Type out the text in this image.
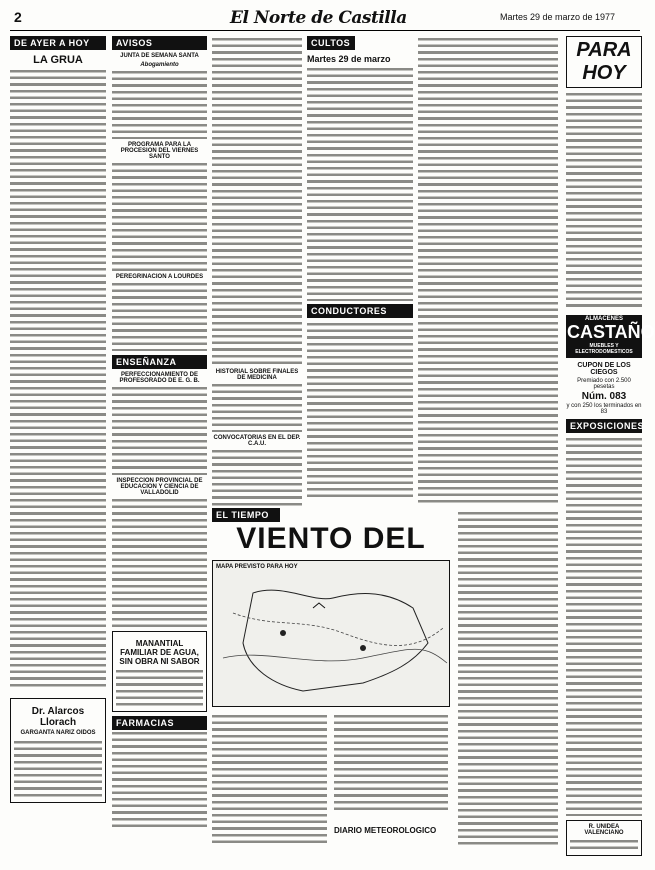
2	El Norte de Castilla	Martes 29 de marzo de 1977
DE AYER A HOY
LA GRUA
Dr. Alarcos Llorach
GARGANTA NARIZ OIDOS
AVISOS
JUNTA DE SEMANA SANTA
Abogamiento
PROGRAMA PARA LA PROCESION DEL VIERNES SANTO
PEREGRINACION A LOURDES
ENSEÑANZA
PERFECCIONAMIENTO DE PROFESORADO DE E. G. B.
INSPECCION PROVINCIAL DE EDUCACION Y CIENCIA DE VALLADOLID
MANANTIAL FAMILIAR DE AGUA, SIN OBRA NI SABOR
FARMACIAS
HISTORIAL SOBRE FINALES DE MEDICINA
CONVOCATORIAS EN EL DEP. C.A.U.
CULTOS
Martes 29 de marzo
CONDUCTORES
EL TIEMPO
VIENTO DEL
MAPA PREVISTO PARA HOY
DIARIO METEOROLOGICO
PARA HOY
ALMACENES
CASTAÑO
MUEBLES Y ELECTRODOMESTICOS
CUPON DE LOS CIEGOS
Premiado con 2.500 pesetas
Núm. 083
y con 250 los terminados en 83
EXPOSICIONES
R. UNIDEA VALENCIANO
